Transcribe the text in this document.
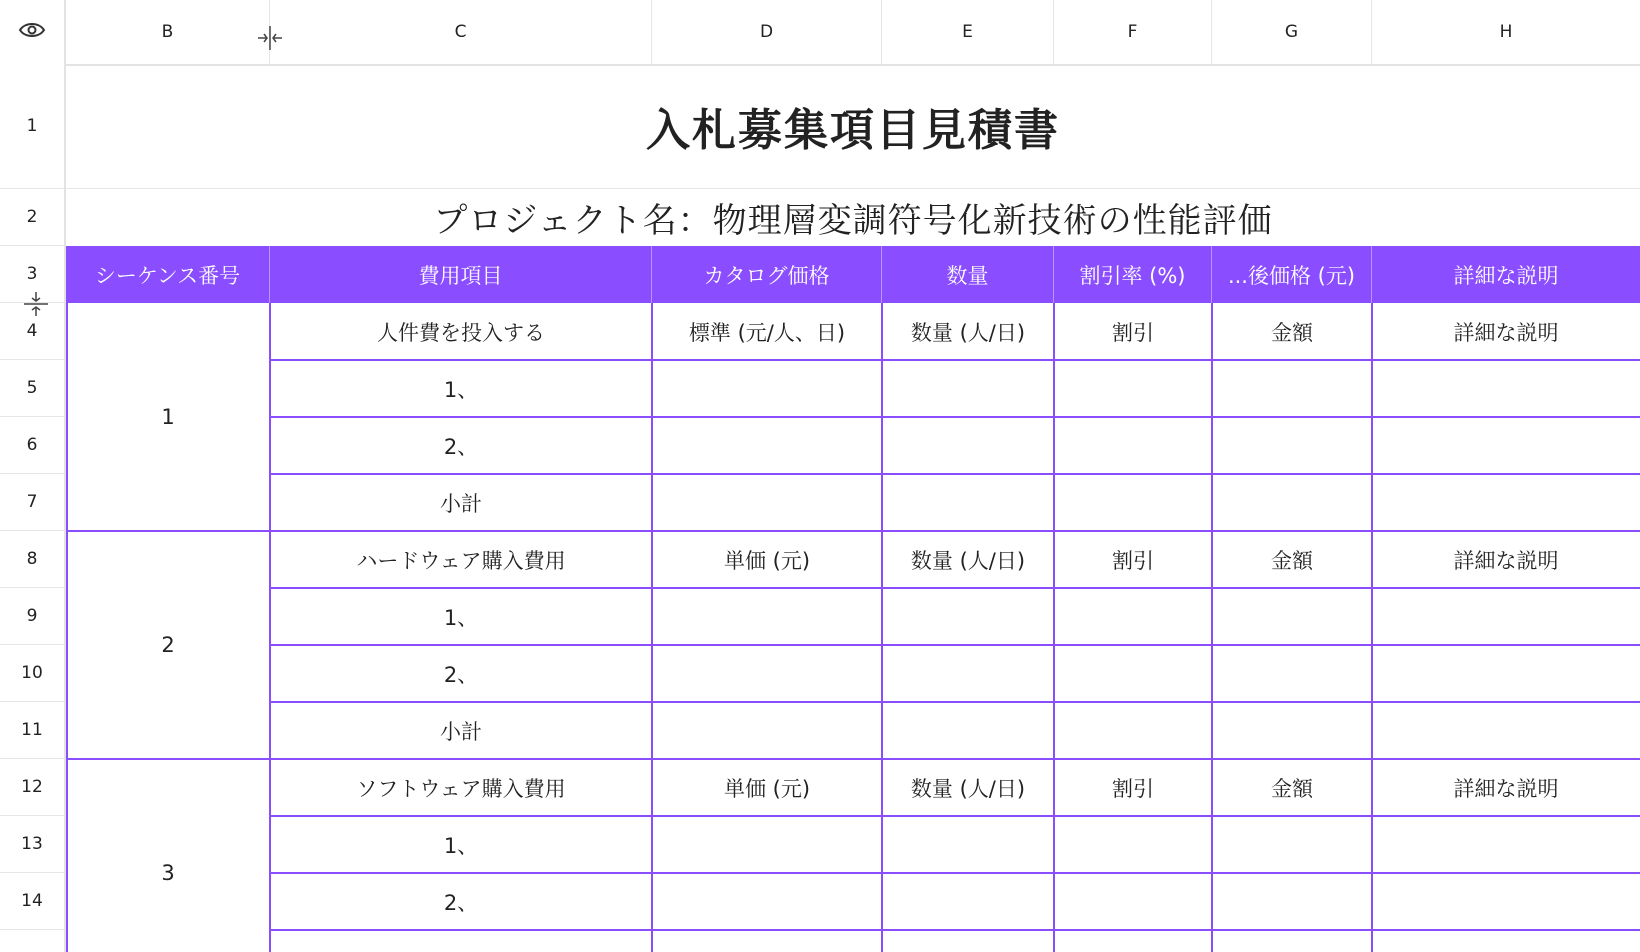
B	C	D	E	F	G	H
1
2
3
4
5
6
7
8
9
10
11
12
13
14
入札募集項目見積書
プロジェクト名：物理層変調符号化新技術の性能評価
シーケンス番号	費用項目	カタログ価格	数量	割引率 (%)	...後価格 (元)	詳細な説明
1
人件費を投入する	標準 (元/人、日)	数量 (人/日)	割引	金額	詳細な説明
1、
2、
小計
2
ハードウェア購入費用	単価 (元)	数量 (人/日)	割引	金額	詳細な説明
1、
2、
小計
3
ソフトウェア購入費用	単価 (元)	数量 (人/日)	割引	金額	詳細な説明
1、
2、
